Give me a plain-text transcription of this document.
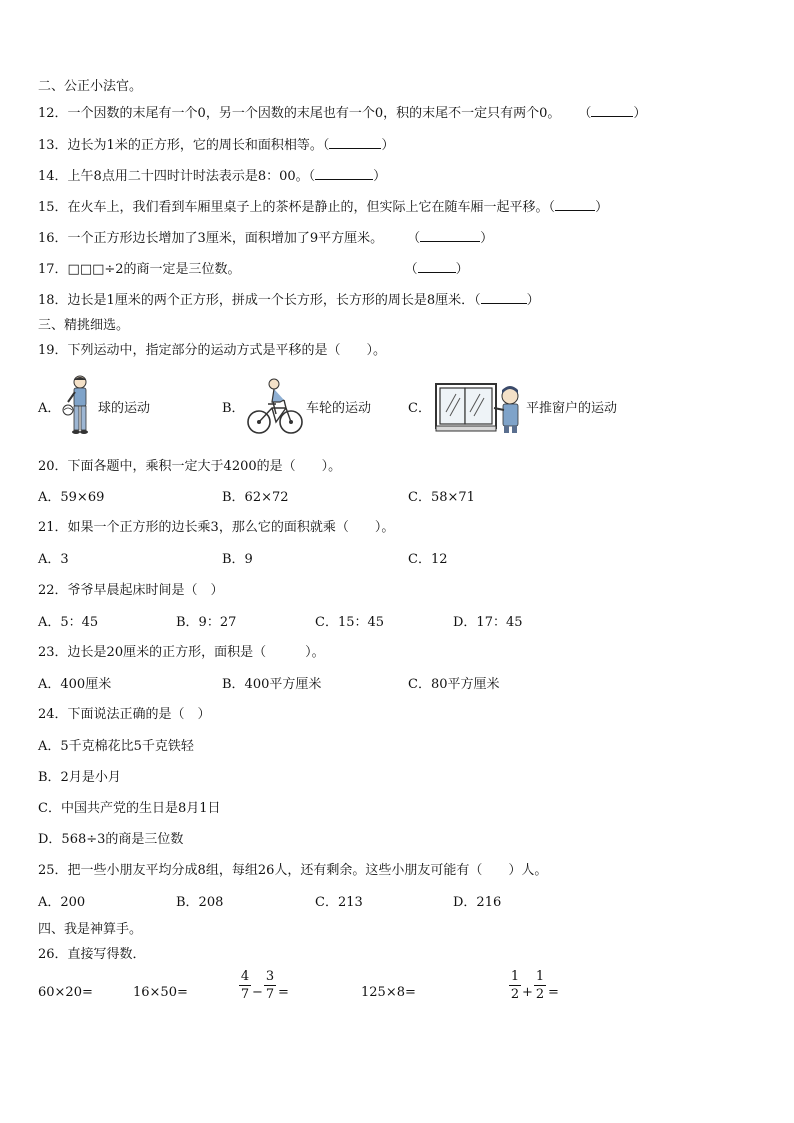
二、公正小法官。
12．一个因数的末尾有一个0，另一个因数的末尾也有一个0，积的末尾不一定只有两个0。 （	）
13．边长为1米的正方形，它的周长和面积相等。（	）
14．上午8点用二十四时计时法表示是8：00。（	）
15．在火车上，我们看到车厢里桌子上的茶杯是静止的，但实际上它在随车厢一起平移。（	）
16．一个正方形边长增加了3厘米，面积增加了9平方厘米。 （	）
17．□□□÷2的商一定是三位数。	（	）
18．边长是1厘米的两个正方形，拼成一个长方形，长方形的周长是8厘米．（	）
三、精挑细选。
19．下列运动中，指定部分的运动方式是平移的是（　　）。
A．	球的运动	B．	车轮的运动	C．	平推窗户的运动
20．下面各题中，乘积一定大于4200的是（　　）。
A．59×69	B．62×72	C．58×71
21．如果一个正方形的边长乘3，那么它的面积就乘（　　）。
A．3	B．9	C．12
22．爷爷早晨起床时间是（　）
A．5：45	B．9：27	C．15：45	D．17：45
23．边长是20厘米的正方形，面积是（　　　）。
A．400厘米	B．400平方厘米	C．80平方厘米
24．下面说法正确的是（　）
A．5千克棉花比5千克铁轻
B．2月是小月
C．中国共产党的生日是8月1日
D．568÷3的商是三位数
25．把一些小朋友平均分成8组，每组26人，还有剩余。这些小朋友可能有（　　）人。
A．200	B．208	C．213	D．216
四、我是神算手。
26．直接写得数．
60×20=	16×50=
4
7 −
3
7 =	125×8=
1
2 +
1
2 =
